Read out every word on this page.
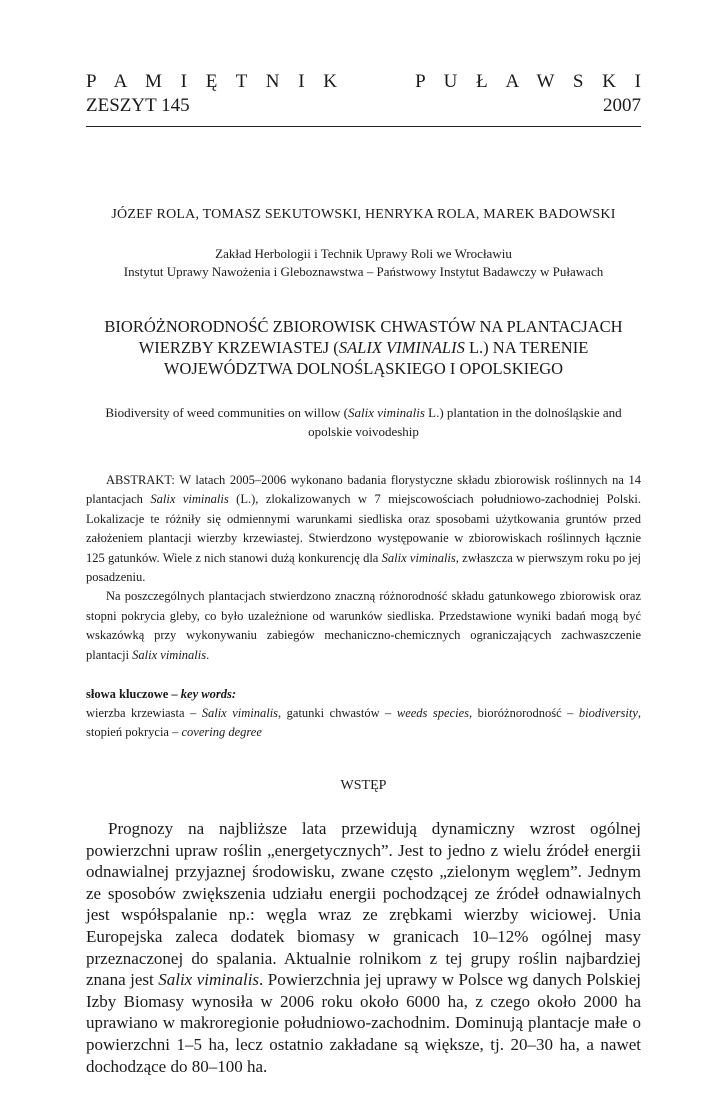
P A M I Ę T N I K	P U Ł A W S K I
ZESZYT 145	2007
JÓZEF ROLA, TOMASZ SEKUTOWSKI, HENRYKA ROLA, MAREK BADOWSKI
Zakład Herbologii i Technik Uprawy Roli we Wrocławiu
Instytut Uprawy Nawożenia i Gleboznawstwa – Państwowy Instytut Badawczy w Puławach
BIORÓŻNORODNOŚĆ ZBIOROWISK CHWASTÓW NA PLANTACJACH WIERZBY KRZEWIASTEJ (SALIX VIMINALIS L.) NA TERENIE WOJEWÓDZTWA DOLNOŚLĄSKIEGO I OPOLSKIEGO
Biodiversity of weed communities on willow (Salix viminalis L.) plantation in the dolnośląskie and opolskie voivodeship

ABSTRAKT: W latach 2005–2006 wykonano badania florystyczne składu zbiorowisk roślinnych na 14 plantacjach Salix viminalis (L.), zlokalizowanych w 7 miejscowościach południowo-zachodniej Polski. Lokalizacje te różniły się odmiennymi warunkami siedliska oraz sposobami użytkowania gruntów przed założeniem plantacji wierzby krzewiastej. Stwierdzono występowanie w zbiorowiskach roślinnych łącznie 125 gatunków. Wiele z nich stanowi dużą konkurencję dla Salix viminalis, zwłaszcza w pierwszym roku po jej posadzeniu.

Na poszczególnych plantacjach stwierdzono znaczną różnorodność składu gatunkowego zbiorowisk oraz stopni pokrycia gleby, co było uzależnione od warunków siedliska. Przedstawione wyniki badań mogą być wskazówką przy wykonywaniu zabiegów mechaniczno-chemicznych ograniczających zachwaszczenie plantacji Salix viminalis.

słowa kluczowe – key words:
wierzba krzewiasta – Salix viminalis, gatunki chwastów – weeds species, bioróżnorodność – biodiversity, stopień pokrycia – covering degree
WSTĘP

Prognozy na najbliższe lata przewidują dynamiczny wzrost ogólnej powierzchni upraw roślin „energetycznych”. Jest to jedno z wielu źródeł energii odnawialnej przyjaznej środowisku, zwane często „zielonym węglem”. Jednym ze sposobów zwiększenia udziału energii pochodzącej ze źródeł odnawialnych jest współspalanie np.: węgla wraz ze zrębkami wierzby wiciowej. Unia Europejska zaleca dodatek biomasy w granicach 10–12% ogólnej masy przeznaczonej do spalania. Aktualnie rolnikom z tej grupy roślin najbardziej znana jest Salix viminalis. Powierzchnia jej uprawy w Polsce wg danych Polskiej Izby Biomasy wynosiła w 2006 roku około 6000 ha, z czego około 2000 ha uprawiano w makroregionie południowo-zachodnim. Dominują plantacje małe o powierzchni 1–5 ha, lecz ostatnio zakładane są większe, tj. 20–30 ha, a nawet dochodzące do 80–100 ha.
